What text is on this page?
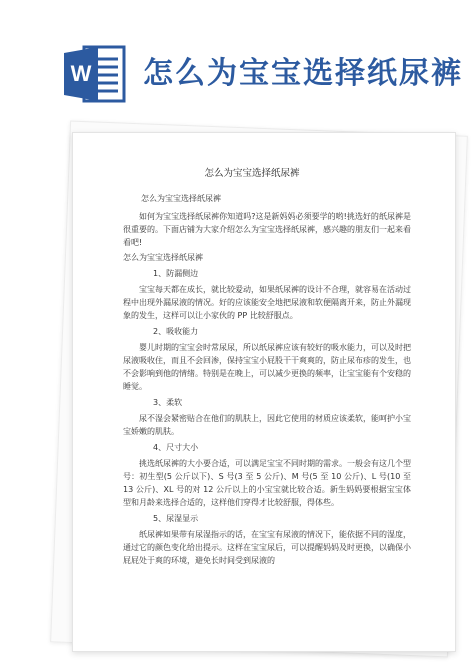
W 怎么为宝宝选择纸尿裤
怎么为宝宝选择纸尿裤
怎么为宝宝选择纸尿裤

如何为宝宝选择纸尿裤你知道吗?这是新妈妈必须要学的哟!挑选好的纸尿裤是很重要的。下面店铺为大家介绍怎么为宝宝选择纸尿裤，感兴趣的朋友们一起来看看吧!

怎么为宝宝选择纸尿裤

1、防漏侧边

宝宝每天都在成长，就比较爱动，如果纸尿裤的设计不合理，就容易在活动过程中出现外漏尿液的情况。好的应该能安全地把尿液和软便隔离开来，防止外漏现象的发生，这样可以让小家伙的 PP 比较舒服点。

2、吸收能力

婴儿时期的宝宝会时常尿尿，所以纸尿裤应该有较好的吸水能力，可以及时把尿液吸收住，而且不会回渗，保持宝宝小屁股干干爽爽的，防止尿布疹的发生，也不会影响到他的情绪。特别是在晚上，可以减少更换的频率，让宝宝能有个安稳的睡觉。

3、柔软

尿不湿会紧密贴合在他们的肌肤上，因此它使用的材质应该柔软，能呵护小宝宝娇嫩的肌肤。

4、尺寸大小

挑选纸尿裤的大小要合适，可以满足宝宝不同时期的需求。一般会有这几个型号：初生型(5 公斤以下)、S 号(3 至 5 公斤)、M 号(5 至 10 公斤)、L 号(10 至 13 公斤)、XL 号的对 12 公斤以上的小宝宝就比较合适。新生妈妈要根据宝宝体型和月龄来选择合适的，这样他们穿得才比较舒服，得体些。

5、尿湿显示

纸尿裤如果带有尿湿指示的话，在宝宝有尿液的情况下，能依据不同的湿度，通过它的颜色变化给出提示。这样在宝宝尿后，可以提醒妈妈及时更换，以确保小屁屁处于爽的环境，避免长时间受到尿液的
